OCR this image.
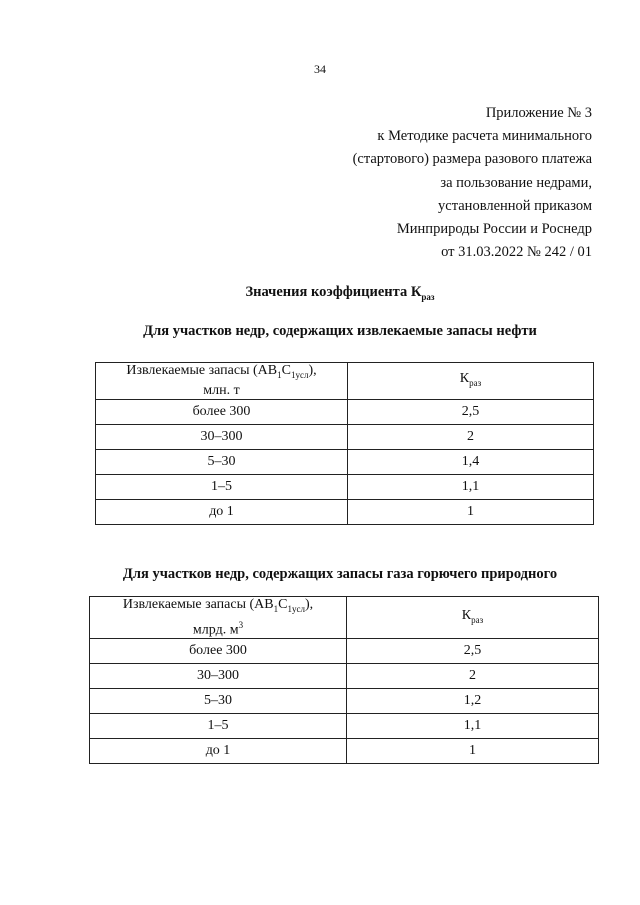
34
Приложение № 3
к Методике расчета минимального
(стартового) размера разового платежа
за пользование недрами,
установленной приказом
Минприроды России и Роснедр
от 31.03.2022 № 242 / 01
Значения коэффициента $К_{раз}$
Для участков недр, содержащих извлекаемые запасы нефти
Извлекаемые запасы $(AB_1C_{1усл})$,
млн. т	$К_{раз}$
более 300	2,5
30–300	2
5–30	1,4
1–5	1,1
до 1	1
Для участков недр, содержащих запасы газа горючего природного
Извлекаемые запасы $(AB_1C_{1усл})$,
млрд. $м^3$	$К_{раз}$
более 300	2,5
30–300	2
5–30	1,2
1–5	1,1
до 1	1
